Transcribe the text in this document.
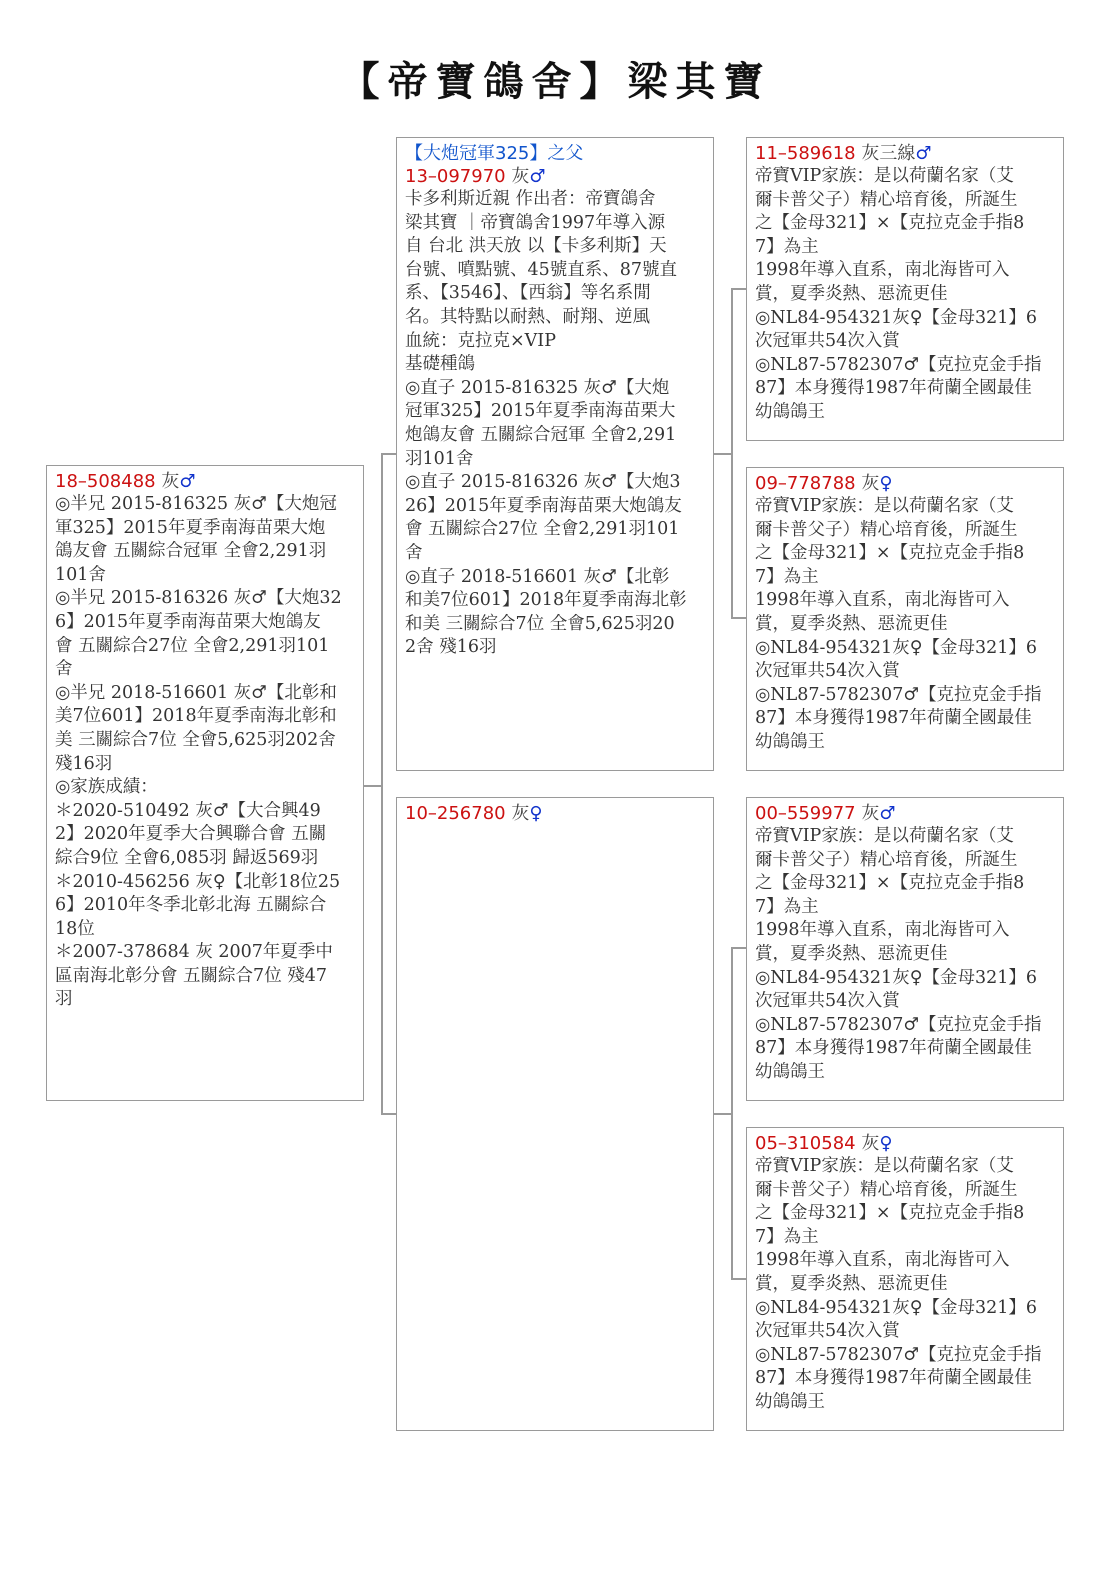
【帝寶鴿舍】梁其寶
18–508488 灰♂
◎半兄 2015-816325 灰♂【大炮冠
軍325】2015年夏季南海苗栗大炮
鴿友會 五關綜合冠軍 全會2,291羽
101舍
◎半兄 2015-816326 灰♂【大炮32
6】2015年夏季南海苗栗大炮鴿友
會 五關綜合27位 全會2,291羽101
舍
◎半兄 2018-516601 灰♂【北彰和
美7位601】2018年夏季南海北彰和
美 三關綜合7位 全會5,625羽202舍
殘16羽
◎家族成績：
＊2020-510492 灰♂【大合興49
2】2020年夏季大合興聯合會 五關
綜合9位 全會6,085羽 歸返569羽
＊2010-456256 灰♀【北彰18位25
6】2010年冬季北彰北海 五關綜合
18位
＊2007-378684 灰 2007年夏季中
區南海北彰分會 五關綜合7位 殘47
羽
【大炮冠軍325】之父
13–097970 灰♂
卡多利斯近親 作出者：帝寶鴿舍
梁其寶 ｜帝寶鴿舍1997年導入源
自 台北 洪天放 以【卡多利斯】天
台號、噴點號、45號直系、87號直
系、【3546】、【西翁】等名系閒
名。其特點以耐熱、耐翔、逆風
血統：克拉克×VIP
基礎種鴿
◎直子 2015-816325 灰♂【大炮
冠軍325】2015年夏季南海苗栗大
炮鴿友會 五關綜合冠軍 全會2,291
羽101舍
◎直子 2015-816326 灰♂【大炮3
26】2015年夏季南海苗栗大炮鴿友
會 五關綜合27位 全會2,291羽101
舍
◎直子 2018-516601 灰♂【北彰
和美7位601】2018年夏季南海北彰
和美 三關綜合7位 全會5,625羽20
2舍 殘16羽
10–256780 灰♀
11–589618 灰三線♂
帝寶VIP家族：是以荷蘭名家（艾
爾卡普父子）精心培育後，所誕生
之【金母321】×【克拉克金手指8
7】為主
1998年導入直系，南北海皆可入
賞，夏季炎熱、惡流更佳
◎NL84-954321灰♀【金母321】6
次冠軍共54次入賞
◎NL87-5782307♂【克拉克金手指
87】本身獲得1987年荷蘭全國最佳
幼鴿鴿王
09–778788 灰♀
帝寶VIP家族：是以荷蘭名家（艾
爾卡普父子）精心培育後，所誕生
之【金母321】×【克拉克金手指8
7】為主
1998年導入直系，南北海皆可入
賞，夏季炎熱、惡流更佳
◎NL84-954321灰♀【金母321】6
次冠軍共54次入賞
◎NL87-5782307♂【克拉克金手指
87】本身獲得1987年荷蘭全國最佳
幼鴿鴿王
00–559977 灰♂
帝寶VIP家族：是以荷蘭名家（艾
爾卡普父子）精心培育後，所誕生
之【金母321】×【克拉克金手指8
7】為主
1998年導入直系，南北海皆可入
賞，夏季炎熱、惡流更佳
◎NL84-954321灰♀【金母321】6
次冠軍共54次入賞
◎NL87-5782307♂【克拉克金手指
87】本身獲得1987年荷蘭全國最佳
幼鴿鴿王
05–310584 灰♀
帝寶VIP家族：是以荷蘭名家（艾
爾卡普父子）精心培育後，所誕生
之【金母321】×【克拉克金手指8
7】為主
1998年導入直系，南北海皆可入
賞，夏季炎熱、惡流更佳
◎NL84-954321灰♀【金母321】6
次冠軍共54次入賞
◎NL87-5782307♂【克拉克金手指
87】本身獲得1987年荷蘭全國最佳
幼鴿鴿王
